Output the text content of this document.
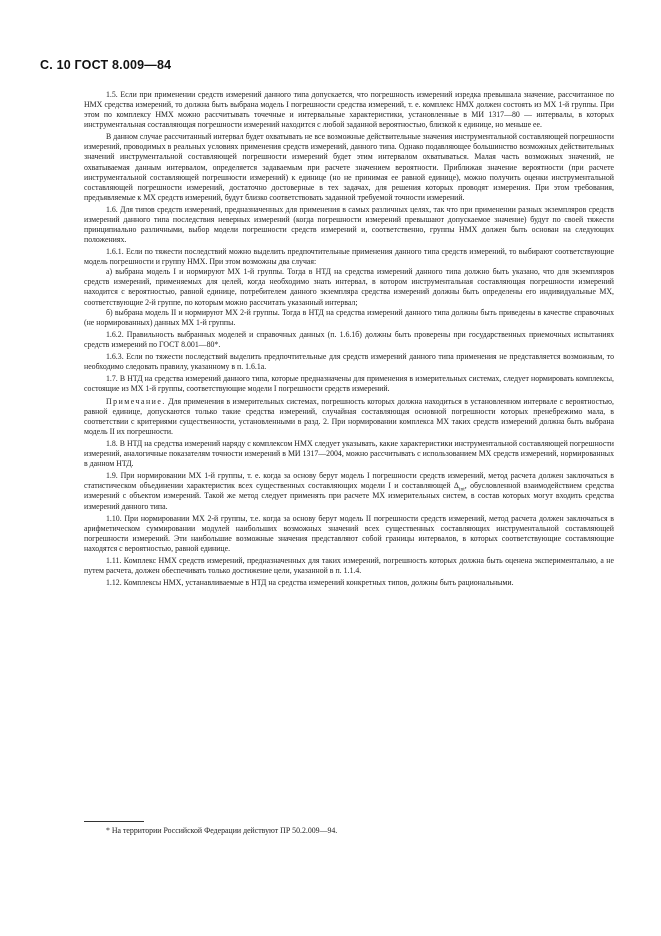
С. 10 ГОСТ 8.009—84

1.5. Если при применении средств измерений данного типа допускается, что погрешность измерений изредка превышала значение, рассчитанное по НМХ средства измерений, то должна быть выбрана модель I погрешности средства измерений, т. е. комплекс НМХ должен состоять из МХ 1-й группы. При этом по комплексу НМХ можно рассчитывать точечные и интервальные характеристики, установленные в МИ 1317—80 — интервалы, в которых инструментальная составляющая погрешности измерений находится с любой заданной вероятностью, близкой к единице, но меньше ее.

В данном случае рассчитанный интервал будет охватывать не все возможные действительные значения инструментальной составляющей погрешности измерений, проводимых в реальных условиях применения средств измерений, данного типа. Однако подавляющее большинство возможных действительных значений инструментальной составляющей погрешности измерений будет этим интервалом охватываться. Малая часть возможных значений, не охватываемая данным интервалом, определяется задаваемым при расчете значением вероятности. Приближая значение вероятности (при расчете инструментальной составляющей погрешности измерений) к единице (но не принимая ее равной единице), можно получить оценки инструментальной составляющей погрешности измерений, достаточно достоверные в тех задачах, для решения которых проводят измерения. При этом требования, предъявляемые к МХ средств измерений, будут близко соответствовать заданной требуемой точности измерений.

1.6. Для типов средств измерений, предназначенных для применения в самых различных целях, так что при применении разных экземпляров средств измерений данного типа последствия неверных измерений (когда погрешности измерений превышают допускаемое значение) будут по своей тяжести принципиально различными, выбор модели погрешности средств измерений и, соответственно, группы НМХ должен быть основан на следующих положениях.

1.6.1. Если по тяжести последствий можно выделить предпочтительные применения данного типа средств измерений, то выбирают соответствующие модель погрешности и группу НМХ. При этом возможны два случая:

а) выбрана модель I и нормируют МХ 1-й группы. Тогда в НТД на средства измерений данного типа должно быть указано, что для экземпляров средств измерений, применяемых для целей, когда необходимо знать интервал, в котором инструментальная составляющая погрешности измерений находится с вероятностью, равной единице, потребителем данного экземпляра средства измерений должны быть определены его индивидуальные МХ, соответствующие 2-й группе, по которым можно рассчитать указанный интервал;

б) выбрана модель II и нормируют МХ 2-й группы. Тогда в НТД на средства измерений данного типа должны быть приведены в качестве справочных (не нормированных) данных МХ 1-й группы.

1.6.2. Правильность выбранных моделей и справочных данных (п. 1.6.1б) должны быть проверены при государственных приемочных испытаниях средств измерений по ГОСТ 8.001—80*.

1.6.3. Если по тяжести последствий выделить предпочтительные для средств измерений данного типа применения не представляется возможным, то необходимо следовать правилу, указанному в п. 1.6.1а.

1.7. В НТД на средства измерений данного типа, которые предназначены для применения в измерительных системах, следует нормировать комплексы, состоящие из МХ 1-й группы, соответствующие модели I погрешности средств измерений.

Примечание. Для применения в измерительных системах, погрешность которых должна находиться в установленном интервале с вероятностью, равной единице, допускаются только такие средства измерений, случайная составляющая основной погрешности которых пренебрежимо мала, в соответствии с критериями существенности, установленными в разд. 2. При нормировании комплекса МХ таких средств измерений должна быть выбрана модель II их погрешности.

1.8. В НТД на средства измерений наряду с комплексом НМХ следует указывать, какие характеристики инструментальной составляющей погрешности измерений, аналогичные показателям точности измерений в МИ 1317—2004, можно рассчитывать с использованием МХ средств измерений, нормированных в данном НТД.

1.9. При нормировании МХ 1-й группы, т. е. когда за основу берут модель I погрешности средств измерений, метод расчета должен заключаться в статистическом объединении характеристик всех существенных составляющих модели I и составляющей $\Delta_{int}$, обусловленной взаимодействием средства измерений с объектом измерений. Такой же метод следует применять при расчете МХ измерительных систем, в состав которых могут входить средства измерений данного типа.

1.10. При нормировании МХ 2-й группы, т.е. когда за основу берут модель II погрешности средств измерений, метод расчета должен заключаться в арифметическом суммировании модулей наибольших возможных значений всех существенных составляющих инструментальной составляющей погрешности измерений. Эти наибольшие возможные значения представляют собой границы интервалов, в которых соответствующие составляющие находятся с вероятностью, равной единице.

1.11. Комплекс НМХ средств измерений, предназначенных для таких измерений, погрешность которых должна быть оценена экспериментально, а не путем расчета, должен обеспечивать только достижение цели, указанной в п. 1.1.4.

1.12. Комплексы НМХ, устанавливаемые в НТД на средства измерений конкретных типов, должны быть рациональными.

* На территории Российской Федерации действуют ПР 50.2.009—94.
